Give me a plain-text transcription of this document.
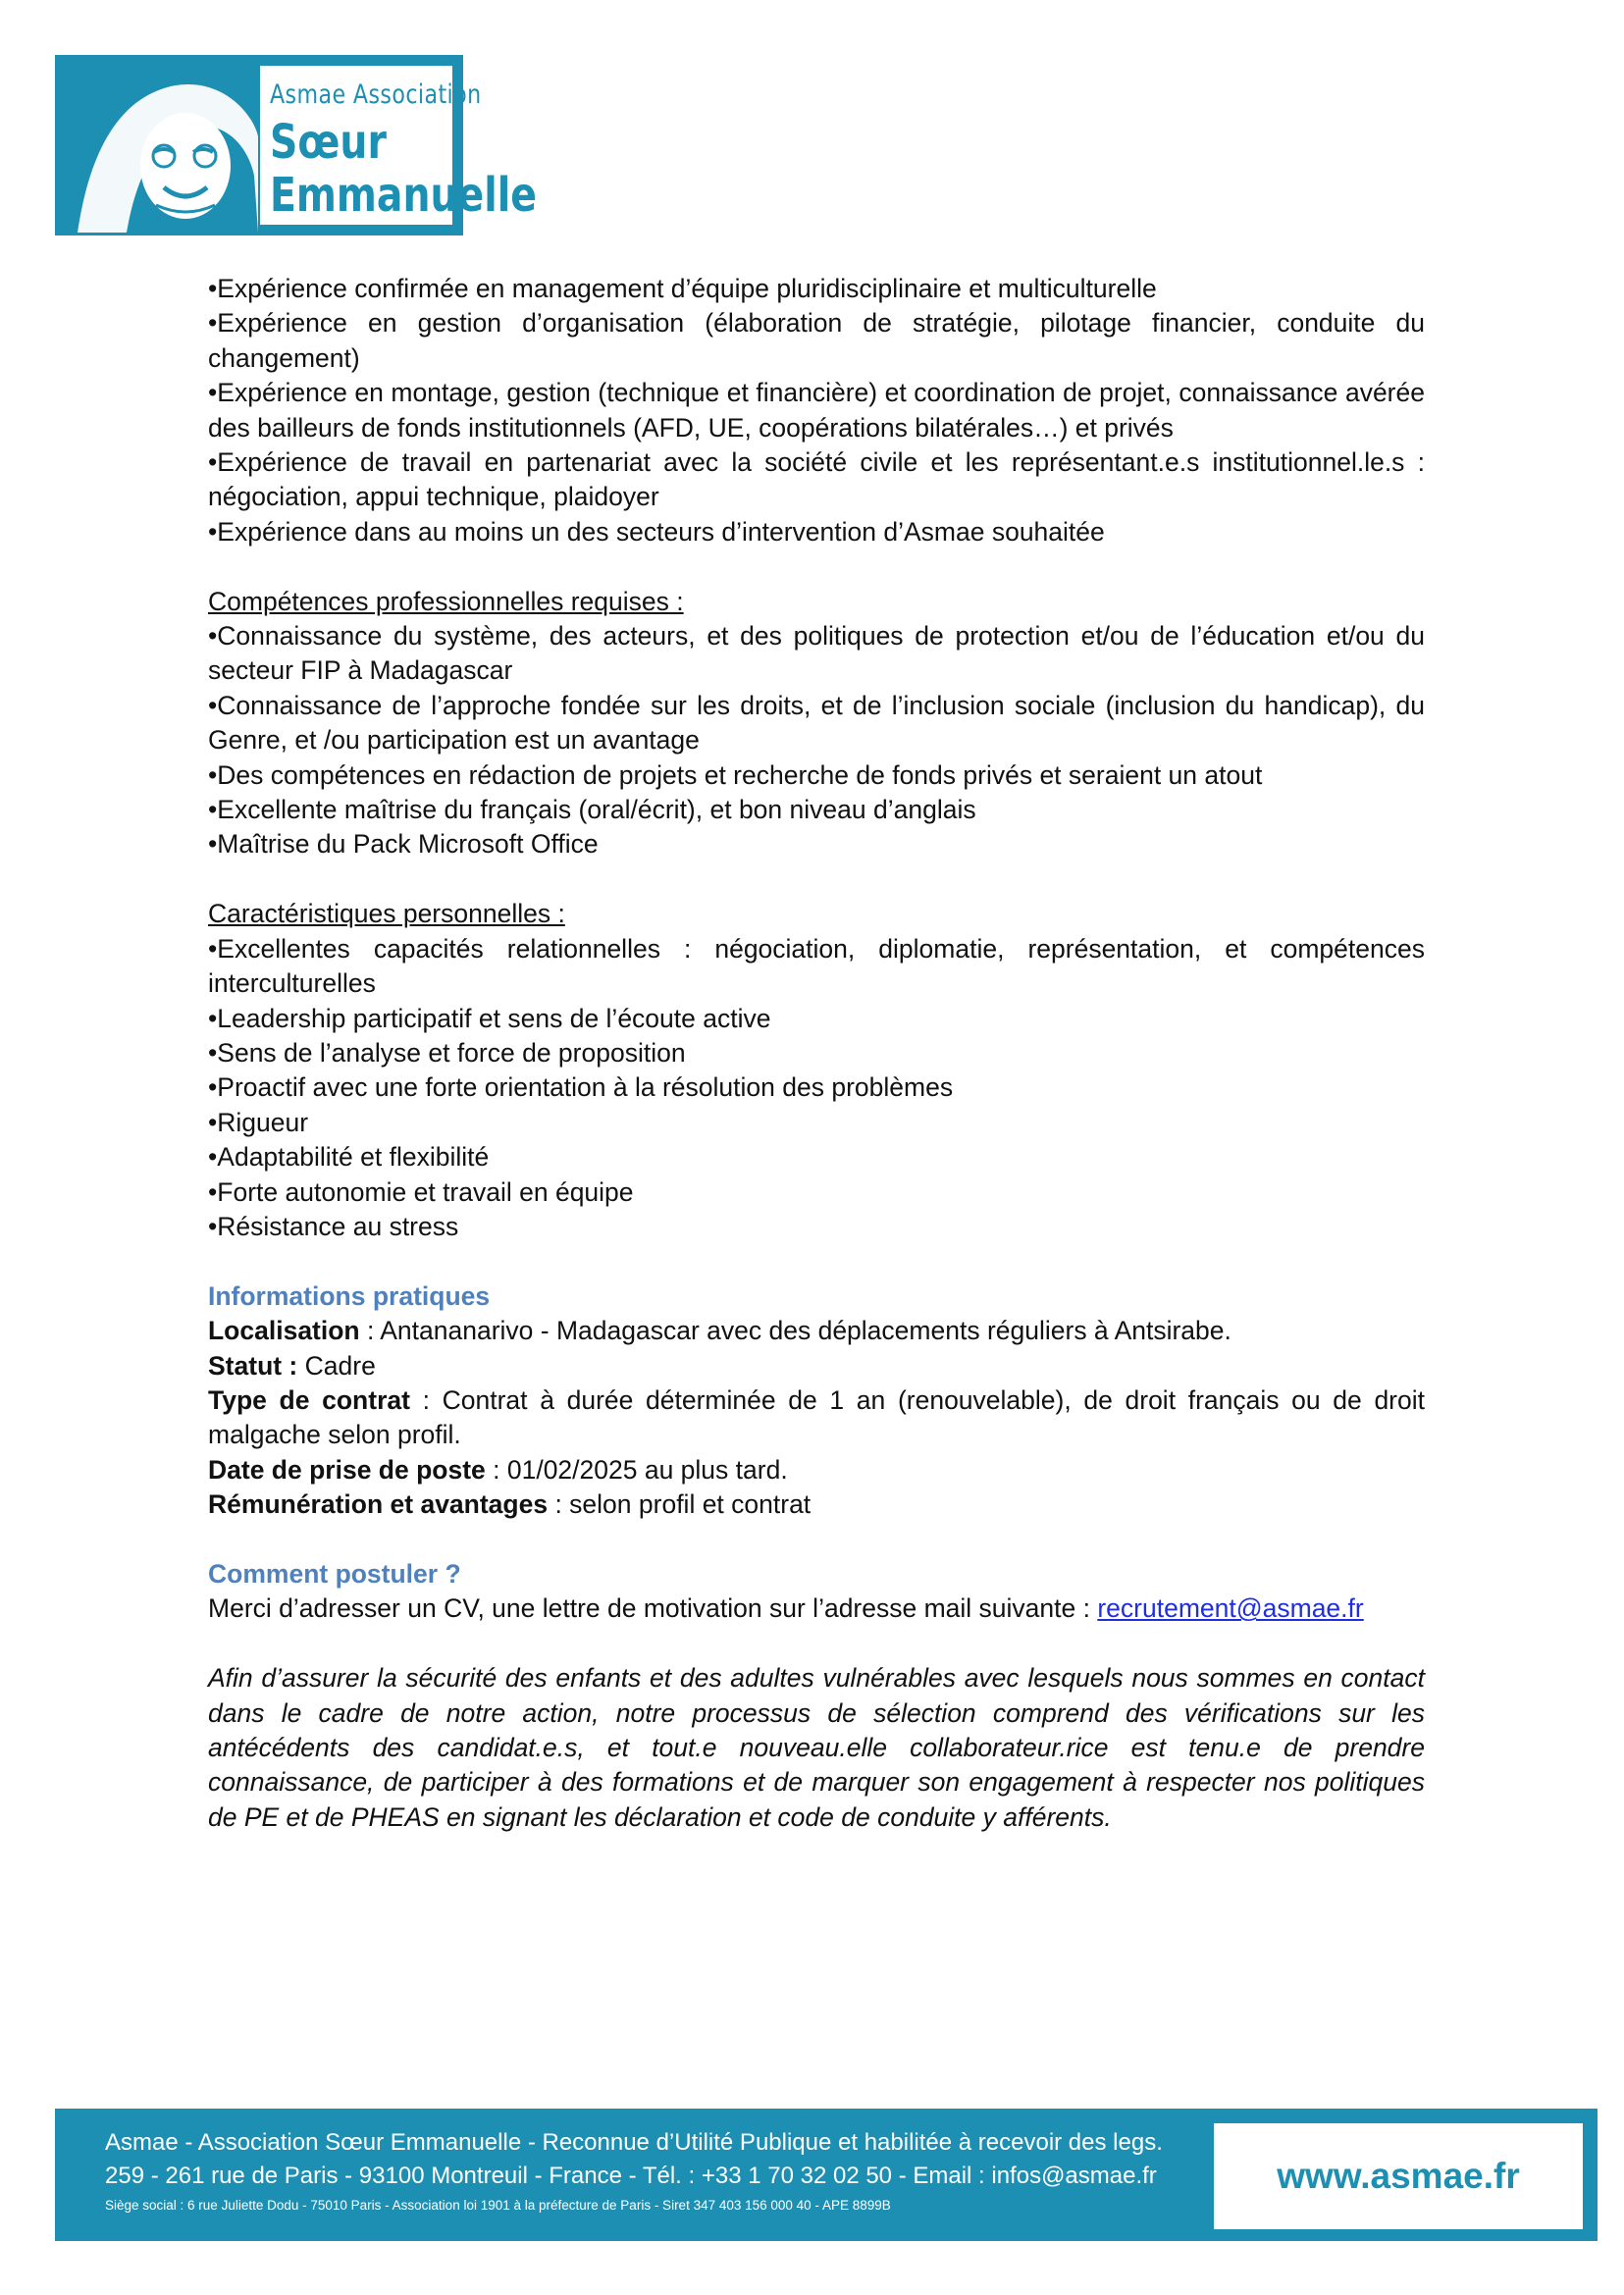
Asmae Association
Sœur
Emmanuelle

•Expérience confirmée en management d’équipe pluridisciplinaire et multiculturelle

•Expérience en gestion d’organisation (élaboration de stratégie, pilotage financier, conduite du changement)

•Expérience en montage, gestion (technique et financière) et coordination de projet, connaissance avérée des bailleurs de fonds institutionnels (AFD, UE, coopérations bilatérales…) et privés

•Expérience de travail en partenariat avec la société civile et les représentant.e.s institutionnel.le.s : négociation, appui technique, plaidoyer

•Expérience dans au moins un des secteurs d’intervention d’Asmae souhaitée

Compétences professionnelles requises :

•Connaissance du système, des acteurs, et des politiques de protection et/ou de l’éducation et/ou du secteur FIP à Madagascar

•Connaissance de l’approche fondée sur les droits, et de l’inclusion sociale (inclusion du handicap), du Genre, et /ou participation est un avantage

•Des compétences en rédaction de projets et recherche de fonds privés et seraient un atout

•Excellente maîtrise du français (oral/écrit), et bon niveau d’anglais

•Maîtrise du Pack Microsoft Office

Caractéristiques personnelles :

•Excellentes capacités relationnelles : négociation, diplomatie, représentation, et compétences interculturelles

•Leadership participatif et sens de l’écoute active

•Sens de l’analyse et force de proposition

•Proactif avec une forte orientation à la résolution des problèmes

•Rigueur

•Adaptabilité et flexibilité

•Forte autonomie et travail en équipe

•Résistance au stress

Informations pratiques

Localisation : Antananarivo - Madagascar avec des déplacements réguliers à Antsirabe.

Statut : Cadre

Type de contrat : Contrat à durée déterminée de 1 an (renouvelable), de droit français ou de droit malgache selon profil.

Date de prise de poste : 01/02/2025 au plus tard.

Rémunération et avantages : selon profil et contrat

Comment postuler ?

Merci d’adresser un CV, une lettre de motivation sur l’adresse mail suivante : recrutement@asmae.fr

Afin d’assurer la sécurité des enfants et des adultes vulnérables avec lesquels nous sommes en contact dans le cadre de notre action, notre processus de sélection comprend des vérifications sur les antécédents des candidat.e.s, et tout.e nouveau.elle collaborateur.rice est tenu.e de prendre connaissance, de participer à des formations et de marquer son engagement à respecter nos politiques de PE et de PHEAS en signant les déclaration et code de conduite y afférents.

Asmae - Association Sœur Emmanuelle - Reconnue d’Utilité Publique et habilitée à recevoir des legs.
259 - 261 rue de Paris - 93100 Montreuil - France - Tél. : +33 1 70 32 02 50 - Email : infos@asmae.fr
Siège social : 6 rue Juliette Dodu - 75010 Paris - Association loi 1901 à la préfecture de Paris - Siret 347 403 156 000 40 - APE 8899B
www.asmae.fr
